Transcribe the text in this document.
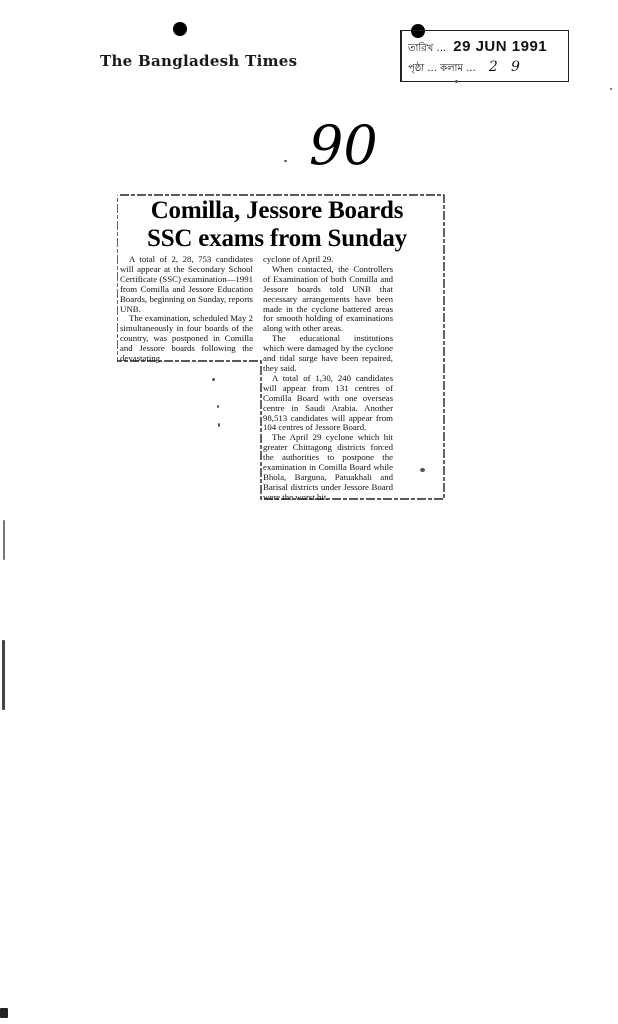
The Bangladesh Times
তারিখ ... 29 JUN 1991
পৃষ্ঠা ... কলাম ... 2 9
90
Comilla, Jessore Boards
SSC exams from Sunday

A total of 2, 28, 753 candidates will appear at the Secondary School Certificate (SSC) examination—1991 from Comilla and Jessore Education Boards, beginning on Sunday, reports UNB.

The examination, scheduled May 2 simultaneously in four boards of the country, was postponed in Comilla and Jessore boards following the devastating

cyclone of April 29.

When contacted, the Controllers of Examination of both Comilla and Jessore boards told UNB that necessary arrangements have been made in the cyclone battered areas for smooth holding of examinations along with other areas.

The educational institutions which were damaged by the cyclone and tidal surge have been repaired, they said.

A total of 1,30, 240 candidates will appear from 131 centres of Comilla Board with one overseas centre in Saudi Arabia. Another 98,513 candidates will appear from 104 centres of Jessore Board.

The April 29 cyclone which hit greater Chittagong districts forced the authorities to postpone the examination in Comilla Board while Bhola, Barguna, Patuakhali and Barisal districts under Jessore Board were the worst hit.
